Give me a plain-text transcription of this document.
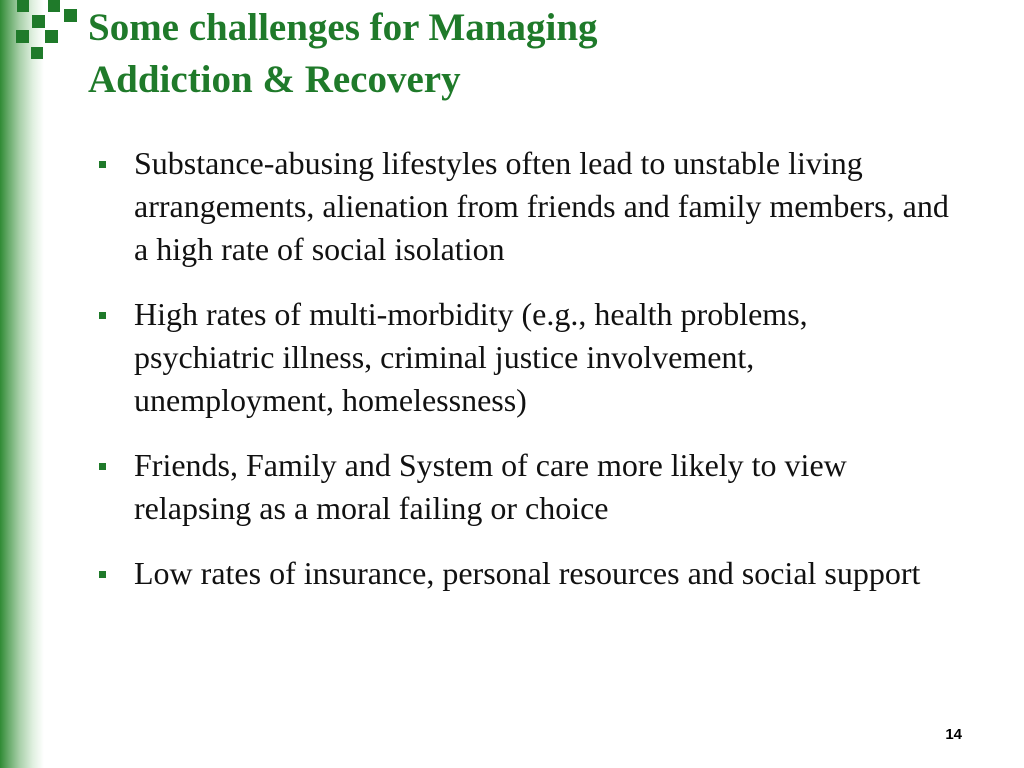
Some challenges for Managing
Addiction & Recovery
Substance-abusing lifestyles often lead to unstable living arrangements, alienation from friends and family members, and a high rate of social isolation
High rates of multi-morbidity (e.g., health problems, psychiatric illness, criminal justice involvement, unemployment, homelessness)
Friends, Family and System of care more likely to view relapsing as a moral failing or choice
Low rates of insurance, personal resources and social support
14
